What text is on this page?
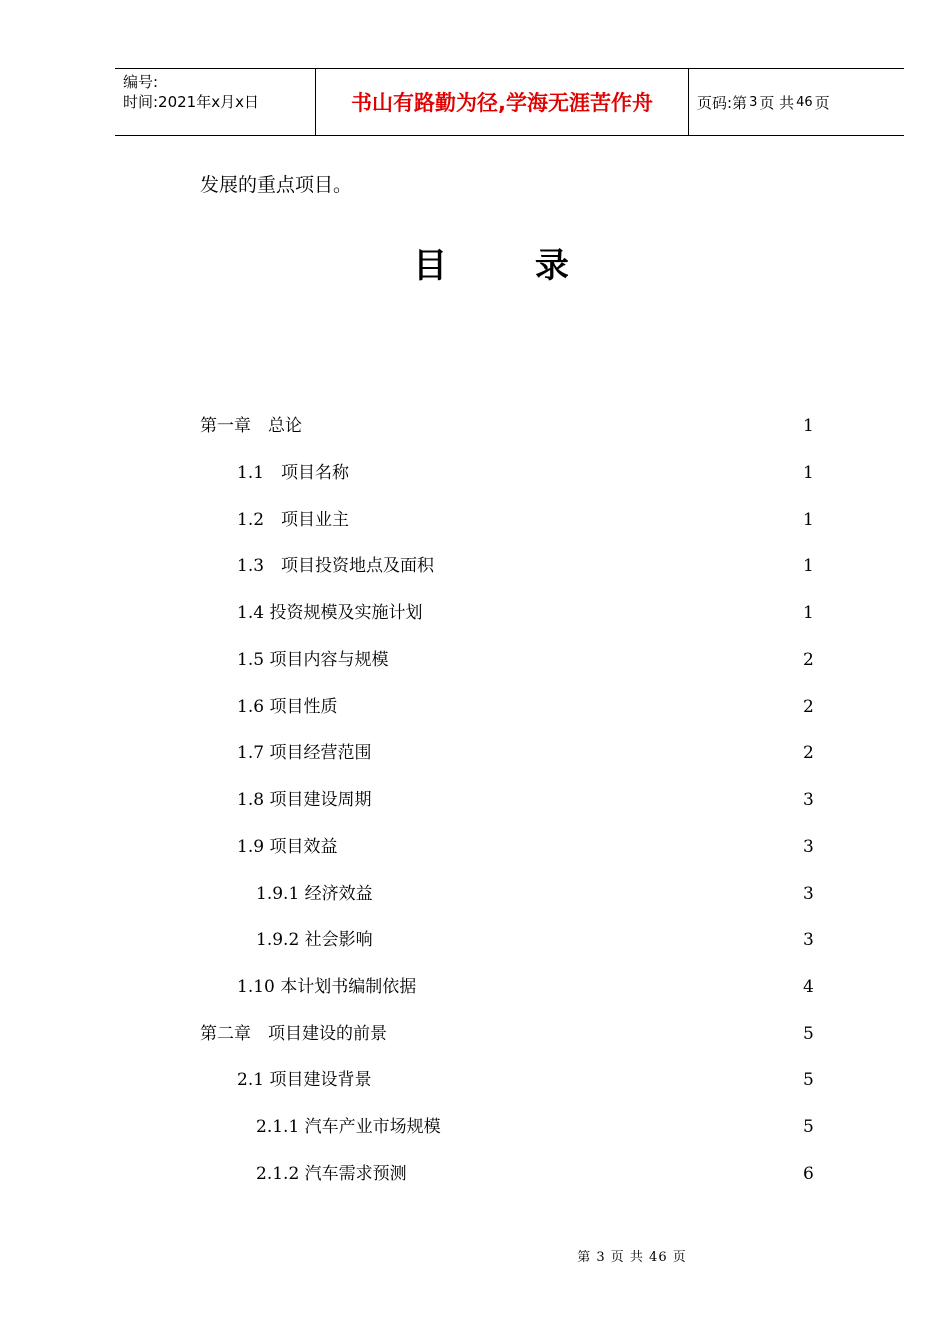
编号:
时间:2021年x月x日	书山有路勤为径,学海无涯苦作舟	页码:第 3 页 共 46 页
发展的重点项目。
目 录
第一章　总论	1
1.1　项目名称	1
1.2　项目业主	1
1.3　项目投资地点及面积	1
1.4 投资规模及实施计划	1
1.5 项目内容与规模	2
1.6 项目性质	2
1.7 项目经营范围	2
1.8 项目建设周期	3
1.9 项目效益	3
1.9.1 经济效益	3
1.9.2 社会影响	3
1.10 本计划书编制依据	4
第二章　项目建设的前景	5
2.1 项目建设背景	5
2.1.1 汽车产业市场规模	5
2.1.2 汽车需求预测	6
第 3 页 共 46 页
